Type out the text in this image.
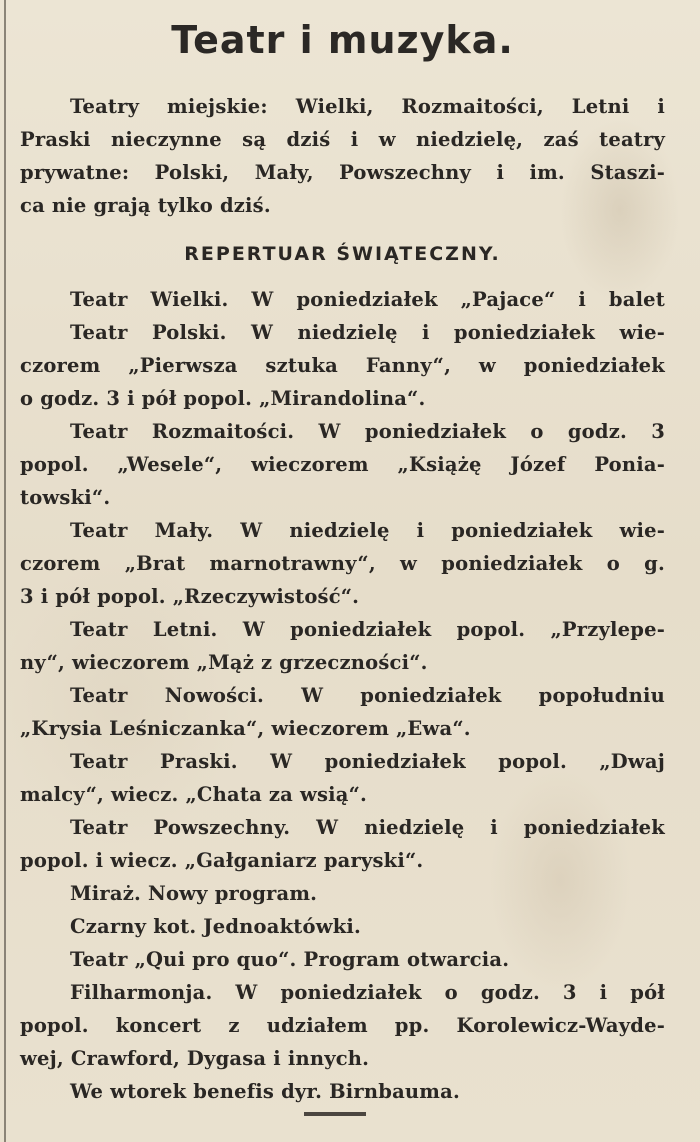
Teatr i muzyka.
Teatry miejskie: Wielki, Rozmaitości, Letni i
Praski nieczynne są dziś i w niedzielę, zaś teatry
prywatne: Polski, Mały, Powszechny i im. Staszi-
ca nie grają tylko dziś.
REPERTUAR ŚWIĄTECZNY.
Teatr Wielki. W poniedziałek „Pajace“ i balet
Teatr Polski. W niedzielę i poniedziałek wie-
czorem „Pierwsza sztuka Fanny“, w poniedziałek
o godz. 3 i pół popol. „Mirandolina“.
Teatr Rozmaitości. W poniedziałek o godz. 3
popol. „Wesele“, wieczorem „Książę Józef Ponia-
towski“.
Teatr Mały. W niedzielę i poniedziałek wie-
czorem „Brat marnotrawny“, w poniedziałek o g.
3 i pół popol. „Rzeczywistość“.
Teatr Letni. W poniedziałek popol. „Przylepe-
ny“, wieczorem „Mąż z grzeczności“.
Teatr Nowości. W poniedziałek popołudniu
„Krysia Leśniczanka“, wieczorem „Ewa“.
Teatr Praski. W poniedziałek popol. „Dwaj
malcy“, wiecz. „Chata za wsią“.
Teatr Powszechny. W niedzielę i poniedziałek
popol. i wiecz. „Gałganiarz paryski“.
Miraż. Nowy program.
Czarny kot. Jednoaktówki.
Teatr „Qui pro quo“. Program otwarcia.
Filharmonja. W poniedziałek o godz. 3 i pół
popol. koncert z udziałem pp. Korolewicz-Wayde-
wej, Crawford, Dygasa i innych.
We wtorek benefis dyr. Birnbauma.
